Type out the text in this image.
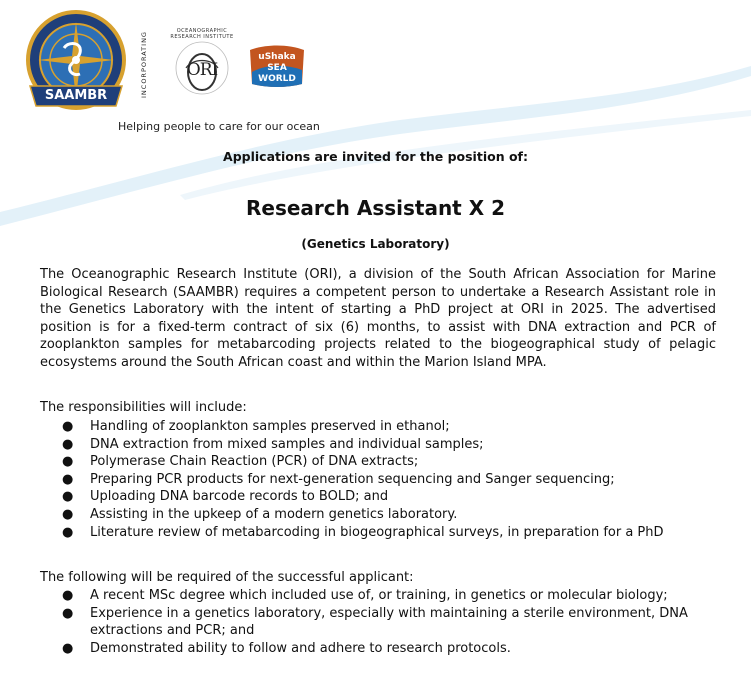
SAAMBR	INCORPORATING	ORI
OCEANOGRAPHIC RESEARCH INSTITUTE
uShaka SEA WORLD
Helping people to care for our ocean
Applications are invited for the position of:
Research Assistant X 2
(Genetics Laboratory)
The Oceanographic Research Institute (ORI), a division of the South African Association for Marine Biological Research (SAAMBR) requires a competent person to undertake a Research Assistant role in the Genetics Laboratory with the intent of starting a PhD project at ORI in 2025. The advertised position is for a fixed-term contract of six (6) months, to assist with DNA extraction and PCR of zooplankton samples for metabarcoding projects related to the biogeographical study of pelagic ecosystems around the South African coast and within the Marion Island MPA.
The responsibilities will include:
● Handling of zooplankton samples preserved in ethanol;
● DNA extraction from mixed samples and individual samples;
● Polymerase Chain Reaction (PCR) of DNA extracts;
● Preparing PCR products for next-generation sequencing and Sanger sequencing;
● Uploading DNA barcode records to BOLD; and
● Assisting in the upkeep of a modern genetics laboratory.
● Literature review of metabarcoding in biogeographical surveys, in preparation for a PhD
The following will be required of the successful applicant:
● A recent MSc degree which included use of, or training, in genetics or molecular biology;
● Experience in a genetics laboratory, especially with maintaining a sterile environment, DNA extractions and PCR; and
● Demonstrated ability to follow and adhere to research protocols.
